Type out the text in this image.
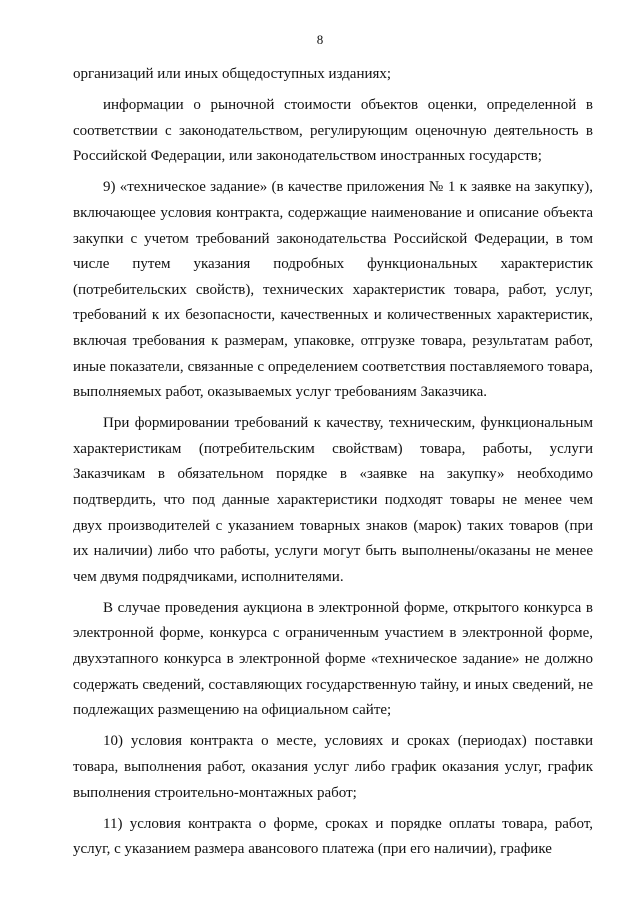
8

организаций или иных общедоступных изданиях;

информации о рыночной стоимости объектов оценки, определенной в соответствии с законодательством, регулирующим оценочную деятельность в Российской Федерации, или законодательством иностранных государств;

9) «техническое задание» (в качестве приложения № 1 к заявке на закупку), включающее условия контракта, содержащие наименование и описание объекта закупки с учетом требований законодательства Российской Федерации, в том числе путем указания подробных функциональных характеристик (потребительских свойств), технических характеристик товара, работ, услуг, требований к их безопасности, качественных и количественных характеристик, включая требования к размерам, упаковке, отгрузке товара, результатам работ, иные показатели, связанные с определением соответствия поставляемого товара, выполняемых работ, оказываемых услуг требованиям Заказчика.

При формировании требований к качеству, техническим, функциональным характеристикам (потребительским свойствам) товара, работы, услуги Заказчикам в обязательном порядке в «заявке на закупку» необходимо подтвердить, что под данные характеристики подходят товары не менее чем двух производителей с указанием товарных знаков (марок) таких товаров (при их наличии) либо что работы, услуги могут быть выполнены/оказаны не менее чем двумя подрядчиками, исполнителями.

В случае проведения аукциона в электронной форме, открытого конкурса в электронной форме, конкурса с ограниченным участием в электронной форме, двухэтапного конкурса в электронной форме «техническое задание» не должно содержать сведений, составляющих государственную тайну, и иных сведений, не подлежащих размещению на официальном сайте;

10) условия контракта о месте, условиях и сроках (периодах) поставки товара, выполнения работ, оказания услуг либо график оказания услуг, график выполнения строительно-монтажных работ;

11) условия контракта о форме, сроках и порядке оплаты товара, работ, услуг, с указанием размера авансового платежа (при его наличии), графике
